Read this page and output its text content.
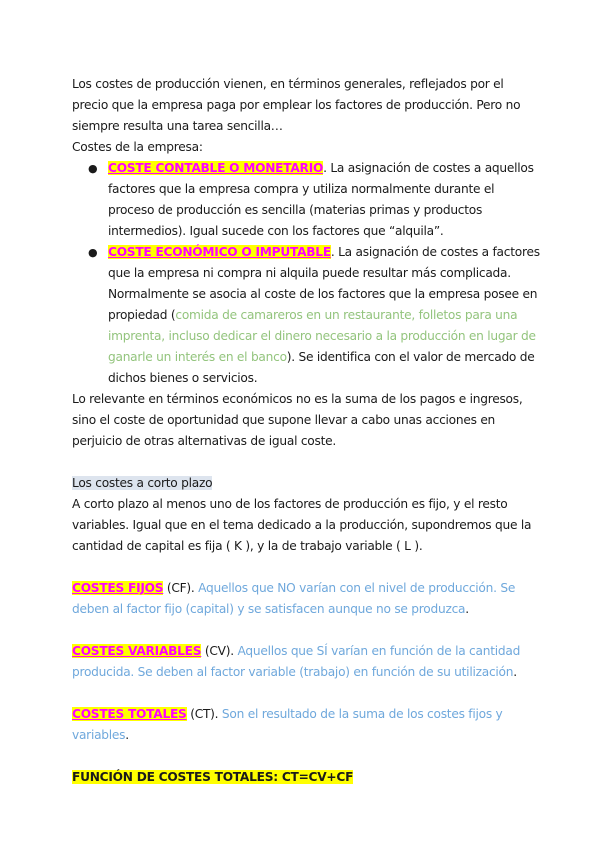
Los costes de producción vienen, en términos generales, reflejados por el precio que la empresa paga por emplear los factores de producción. Pero no siempre resulta una tarea sencilla…

Costes de la empresa:

● COSTE CONTABLE O MONETARIO. La asignación de costes a aquellos factores que la empresa compra y utiliza normalmente durante el proceso de producción es sencilla (materias primas y productos intermedios). Igual sucede con los factores que “alquila”.
● COSTE ECONÓMICO O IMPUTABLE. La asignación de costes a factores que la empresa ni compra ni alquila puede resultar más complicada. Normalmente se asocia al coste de los factores que la empresa posee en propiedad (comida de camareros en un restaurante, folletos para una imprenta, incluso dedicar el dinero necesario a la producción en lugar de ganarle un interés en el banco). Se identifica con el valor de mercado de dichos bienes o servicios.

Lo relevante en términos económicos no es la suma de los pagos e ingresos, sino el coste de oportunidad que supone llevar a cabo unas acciones en perjuicio de otras alternativas de igual coste.

Los costes a corto plazo

A corto plazo al menos uno de los factores de producción es fijo, y el resto variables. Igual que en el tema dedicado a la producción, supondremos que la cantidad de capital es fija ( K ), y la de trabajo variable ( L ).

COSTES FIJOS (CF). Aquellos que NO varían con el nivel de producción. Se deben al factor fijo (capital) y se satisfacen aunque no se produzca.

COSTES VARIABLES (CV). Aquellos que SÍ varían en función de la cantidad producida. Se deben al factor variable (trabajo) en función de su utilización.

COSTES TOTALES (CT). Son el resultado de la suma de los costes fijos y variables.

FUNCIÓN DE COSTES TOTALES: CT=CV+CF
